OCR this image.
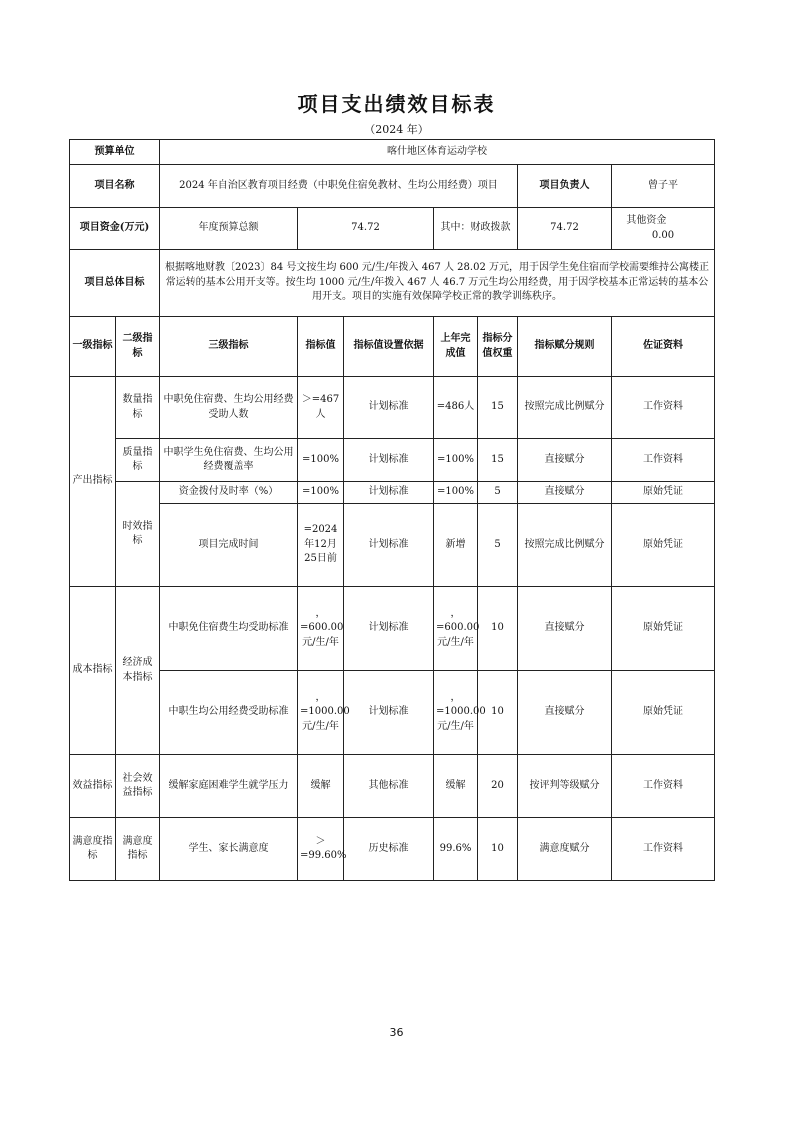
项目支出绩效目标表
（2024 年）
预算单位		喀什地区体育运动学校						
项目名称		2024 年自治区教育项目经费（中职免住宿免教材、生均公用经费）项目					项目负责人	曾子平
项目资金(万元)		年度预算总额	74.72		其中：财政拨款		74.72	其他资金  0.00
项目总体目标		根据喀地财教〔2023〕84 号文按生均 600 元/生/年拨入 467 人 28.02 万元，用于因学生免住宿而学校需要维持公寓楼正常运转的基本公用开支等。按生均 1000 元/生/年拨入 467 人 46.7 万元生均公用经费，用于因学校基本正常运转的基本公用开支。项目的实施有效保障学校正常的教学训练秩序。						
一级指标	二级指标	三级指标	指标值	指标值设置依据	上年完成值	指标分值权重	指标赋分规则	佐证资料
产出指标	数量指标	中职免住宿费、生均公用经费受助人数	＞=467人	计划标准	=486人	15	按照完成比例赋分	工作资料
	质量指标	中职学生免住宿费、生均公用经费覆盖率	=100%	计划标准	=100%	15	直接赋分	工作资料
	时效指标	资金拨付及时率（%）	=100%	计划标准	=100%	5	直接赋分	原始凭证
		项目完成时间	=2024年12月25日前	计划标准	新增	5	按照完成比例赋分	原始凭证
成本指标	经济成本指标	中职免住宿费生均受助标准	，=600.00元/生/年	计划标准	，=600.00元/生/年	10	直接赋分	原始凭证
		中职生均公用经费受助标准	，=1000.00元/生/年	计划标准	，=1000.00元/生/年	10	直接赋分	原始凭证
效益指标	社会效益指标	缓解家庭困难学生就学压力	缓解	其他标准	缓解	20	按评判等级赋分	工作资料
满意度指标	满意度指标	学生、家长满意度	＞=99.60%	历史标准	99.6%	10	满意度赋分	工作资料
36
